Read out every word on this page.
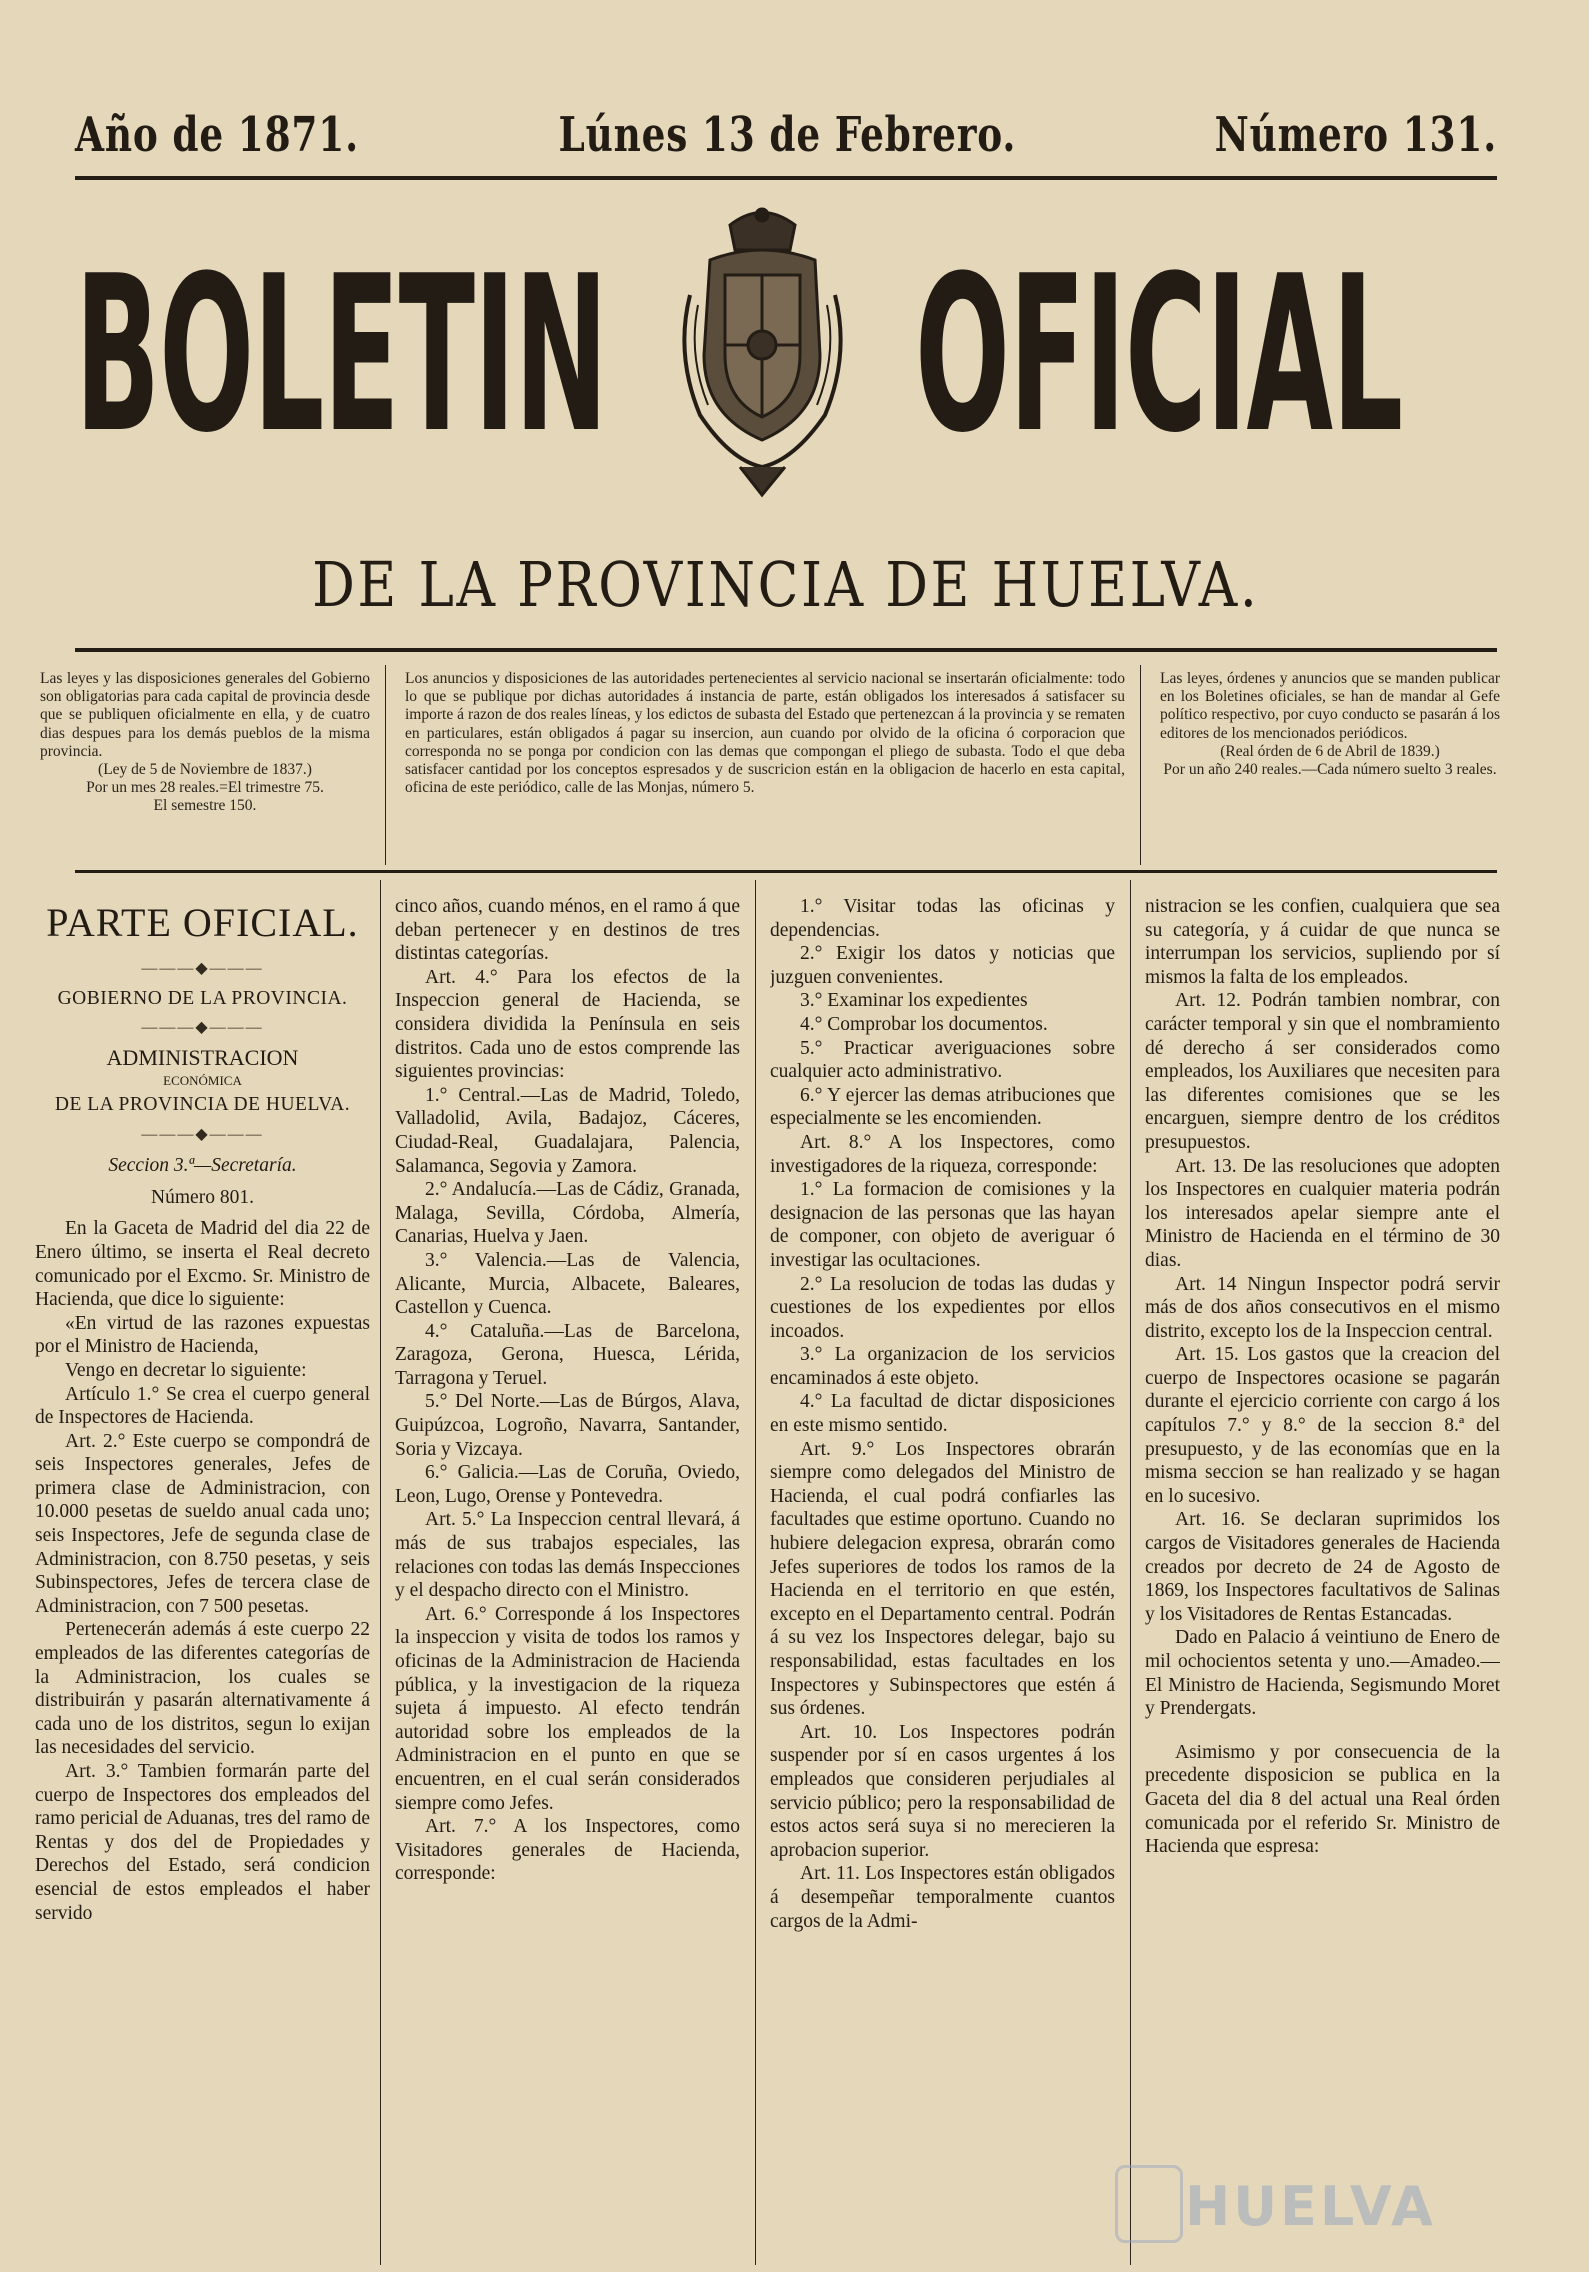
Año de 1871.	Lúnes 13 de Febrero.	Número 131.
BOLETIN	OFICIAL
DE LA PROVINCIA DE HUELVA.

Las leyes y las disposiciones generales del Gobierno son obligatorias para cada capital de provincia desde que se publiquen oficialmente en ella, y de cuatro dias despues para los demás pueblos de la misma provincia.

(Ley de 5 de Noviembre de 1837.)

Por un mes 28 reales.=El trimestre 75.

El semestre 150.

Los anuncios y disposiciones de las autoridades pertenecientes al servicio nacional se insertarán oficialmente: todo lo que se publique por dichas autoridades á instancia de parte, están obligados los interesados á satisfacer su importe á razon de dos reales líneas, y los edictos de subasta del Estado que pertenezcan á la provincia y se rematen en particulares, están obligados á pagar su insercion, aun cuando por olvido de la oficina ó corporacion que corresponda no se ponga por condicion con las demas que compongan el pliego de subasta. Todo el que deba satisfacer cantidad por los conceptos espresados y de suscricion están en la obligacion de hacerlo en esta capital, oficina de este periódico, calle de las Monjas, número 5.

Las leyes, órdenes y anuncios que se manden publicar en los Boletines oficiales, se han de mandar al Gefe político respectivo, por cuyo conducto se pasarán á los editores de los mencionados periódicos.

(Real órden de 6 de Abril de 1839.)

Por un año 240 reales.—Cada número suelto 3 reales.

PARTE OFICIAL.
―――◆―――

GOBIERNO DE LA PROVINCIA.

―――◆―――

ADMINISTRACION

ECONÓMICA

DE LA PROVINCIA DE HUELVA.

―――◆―――

Seccion 3.ª—Secretaría.

Número 801.

En la Gaceta de Madrid del dia 22 de Enero último, se inserta el Real decreto comunicado por el Excmo. Sr. Ministro de Hacienda, que dice lo siguiente:

«En virtud de las razones expuestas por el Ministro de Hacienda,

Vengo en decretar lo siguiente:

Artículo 1.° Se crea el cuerpo general de Inspectores de Hacienda.

Art. 2.° Este cuerpo se compondrá de seis Inspectores generales, Jefes de primera clase de Administracion, con 10.000 pesetas de sueldo anual cada uno; seis Inspectores, Jefe de segunda clase de Administracion, con 8.750 pesetas, y seis Subinspectores, Jefes de tercera clase de Administracion, con 7 500 pesetas.

Pertenecerán además á este cuerpo 22 empleados de las diferentes categorías de la Administracion, los cuales se distribuirán y pasarán alternativamente á cada uno de los distritos, segun lo exijan las necesidades del servicio.

Art. 3.° Tambien formarán parte del cuerpo de Inspectores dos empleados del ramo pericial de Aduanas, tres del ramo de Rentas y dos del de Propiedades y Derechos del Estado, será condicion esencial de estos empleados el haber servido

cinco años, cuando ménos, en el ramo á que deban pertenecer y en destinos de tres distintas categorías.

Art. 4.° Para los efectos de la Inspeccion general de Hacienda, se considera dividida la Península en seis distritos. Cada uno de estos comprende las siguientes provincias:

1.° Central.—Las de Madrid, Toledo, Valladolid, Avila, Badajoz, Cáceres, Ciudad-Real, Guadalajara, Palencia, Salamanca, Segovia y Zamora.

2.° Andalucía.—Las de Cádiz, Granada, Malaga, Sevilla, Córdoba, Almería, Canarias, Huelva y Jaen.

3.° Valencia.—Las de Valencia, Alicante, Murcia, Albacete, Baleares, Castellon y Cuenca.

4.° Cataluña.—Las de Barcelona, Zaragoza, Gerona, Huesca, Lérida, Tarragona y Teruel.

5.° Del Norte.—Las de Búrgos, Alava, Guipúzcoa, Logroño, Navarra, Santander, Soria y Vizcaya.

6.° Galicia.—Las de Coruña, Oviedo, Leon, Lugo, Orense y Pontevedra.

Art. 5.° La Inspeccion central llevará, á más de sus trabajos especiales, las relaciones con todas las demás Inspecciones y el despacho directo con el Ministro.

Art. 6.° Corresponde á los Inspectores la inspeccion y visita de todos los ramos y oficinas de la Administracion de Hacienda pública, y la investigacion de la riqueza sujeta á impuesto. Al efecto tendrán autoridad sobre los empleados de la Administracion en el punto en que se encuentren, en el cual serán considerados siempre como Jefes.

Art. 7.° A los Inspectores, como Visitadores generales de Hacienda, corresponde:

1.° Visitar todas las oficinas y dependencias.

2.° Exigir los datos y noticias que juzguen convenientes.

3.° Examinar los expedientes

4.° Comprobar los documentos.

5.° Practicar averiguaciones sobre cualquier acto administrativo.

6.° Y ejercer las demas atribuciones que especialmente se les encomienden.

Art. 8.° A los Inspectores, como investigadores de la riqueza, corresponde:

1.° La formacion de comisiones y la designacion de las personas que las hayan de componer, con objeto de averiguar ó investigar las ocultaciones.

2.° La resolucion de todas las dudas y cuestiones de los expedientes por ellos incoados.

3.° La organizacion de los servicios encaminados á este objeto.

4.° La facultad de dictar disposiciones en este mismo sentido.

Art. 9.° Los Inspectores obrarán siempre como delegados del Ministro de Hacienda, el cual podrá confiarles las facultades que estime oportuno. Cuando no hubiere delegacion expresa, obrarán como Jefes superiores de todos los ramos de la Hacienda en el territorio en que estén, excepto en el Departamento central. Podrán á su vez los Inspectores delegar, bajo su responsabilidad, estas facultades en los Inspectores y Subinspectores que estén á sus órdenes.

Art. 10. Los Inspectores podrán suspender por sí en casos urgentes á los empleados que consideren perjudiales al servicio público; pero la responsabilidad de estos actos será suya si no merecieren la aprobacion superior.

Art. 11. Los Inspectores están obligados á desempeñar temporalmente cuantos cargos de la Admi-

nistracion se les confien, cualquiera que sea su categoría, y á cuidar de que nunca se interrumpan los servicios, supliendo por sí mismos la falta de los empleados.

Art. 12. Podrán tambien nombrar, con carácter temporal y sin que el nombramiento dé derecho á ser considerados como empleados, los Auxiliares que necesiten para las diferentes comisiones que se les encarguen, siempre dentro de los créditos presupuestos.

Art. 13. De las resoluciones que adopten los Inspectores en cualquier materia podrán los interesados apelar siempre ante el Ministro de Hacienda en el término de 30 dias.

Art. 14 Ningun Inspector podrá servir más de dos años consecutivos en el mismo distrito, excepto los de la Inspeccion central.

Art. 15. Los gastos que la creacion del cuerpo de Inspectores ocasione se pagarán durante el ejercicio corriente con cargo á los capítulos 7.° y 8.° de la seccion 8.ª del presupuesto, y de las economías que en la misma seccion se han realizado y se hagan en lo sucesivo.

Art. 16. Se declaran suprimidos los cargos de Visitadores generales de Hacienda creados por decreto de 24 de Agosto de 1869, los Inspectores facultativos de Salinas y los Visitadores de Rentas Estancadas.

Dado en Palacio á veintiuno de Enero de mil ochocientos setenta y uno.—Amadeo.—El Ministro de Hacienda, Segismundo Moret y Prendergats.

Asimismo y por consecuencia de la precedente disposicion se publica en la Gaceta del dia 8 del actual una Real órden comunicada por el referido Sr. Ministro de Hacienda que espresa:

HUELVA
